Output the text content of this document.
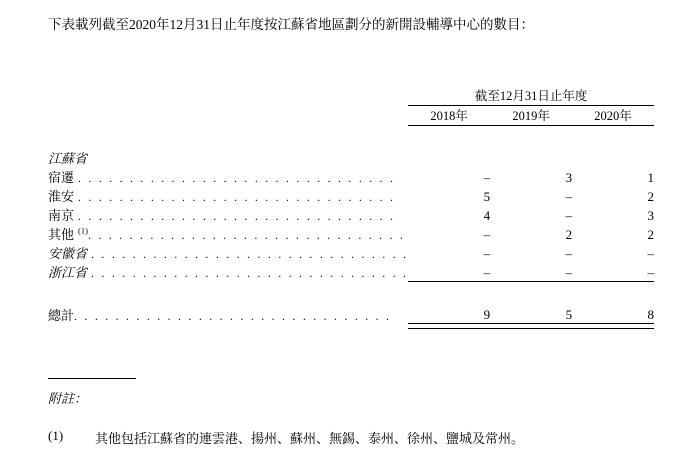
下表載列截至2020年12月31日止年度按江蘇省地區劃分的新開設輔導中心的數目：
	截至12月31日止年度		

	2018年	2019年	2020年

江蘇省			
宿遷 . . . . . . . . . . . . . . . . . . . . . . . . . . . . . . .	–	3	1
淮安 . . . . . . . . . . . . . . . . . . . . . . . . . . . . . . .	5	–	2
南京 . . . . . . . . . . . . . . . . . . . . . . . . . . . . . . .	4	–	3
其他 $^{(1)}$. . . . . . . . . . . . . . . . . . . . . . . . . . . . . . .	–	2	2
安徽省 . . . . . . . . . . . . . . . . . . . . . . . . . . . . . . .	–	–	–
浙江省 . . . . . . . . . . . . . . . . . . . . . . . . . . . . . . .	–	–	–

總計. . . . . . . . . . . . . . . . . . . . . . . . . . . . . . .	9	5	8

附註：
(1) 其他包括江蘇省的連雲港、揚州、蘇州、無錫、泰州、徐州、鹽城及常州。
